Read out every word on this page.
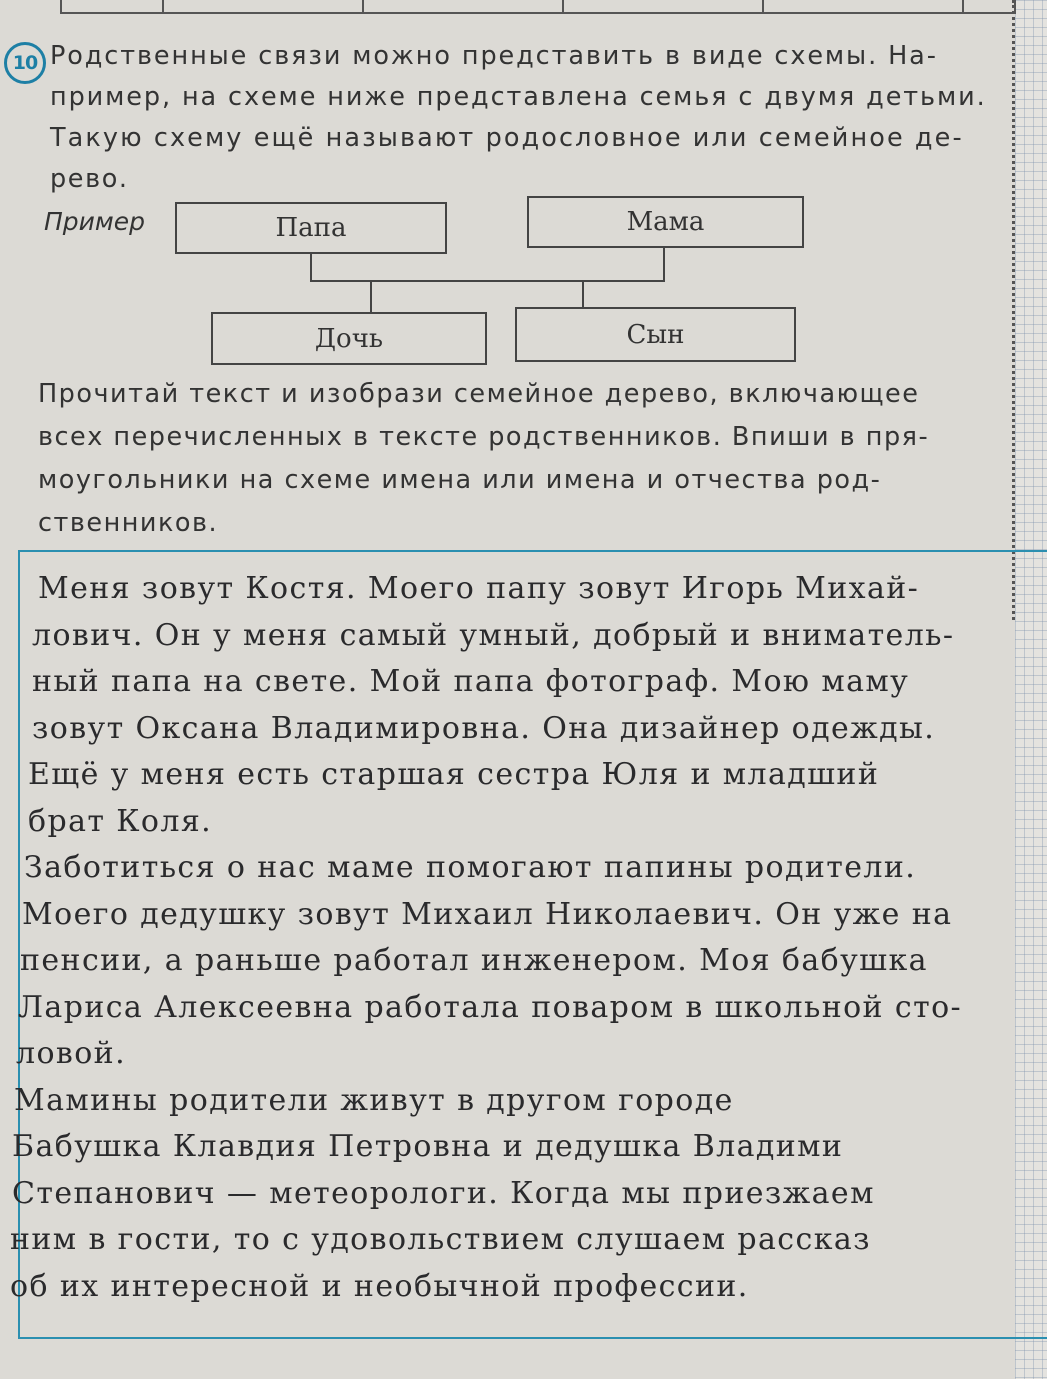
10 Родственные связи можно представить в виде схемы. На-
пример, на схеме ниже представлена семья с двумя детьми.
Такую схему ещё называют родословное или семейное де-
рево.
Пример	Папа	Мама
Дочь	Сын
Прочитай текст и изобрази семейное дерево, включающее
всех перечисленных в тексте родственников. Впиши в пря-
моугольники на схеме имена или имена и отчества род-
ственников.
Меня зовут Костя. Моего папу зовут Игорь Михай-
лович. Он у меня самый умный, добрый и вниматель-
ный папа на свете. Мой папа фотограф. Мою маму
зовут Оксана Владимировна. Она дизайнер одежды.
Ещё у меня есть старшая сестра Юля и младший
брат Коля.
Заботиться о нас маме помогают папины родители.
Моего дедушку зовут Михаил Николаевич. Он уже на
пенсии, а раньше работал инженером. Моя бабушка
Лариса Алексеевна работала поваром в школьной сто-
ловой.
Мамины родители живут в другом городе
Бабушка Клавдия Петровна и дедушка Владими
Степанович — метеорологи. Когда мы приезжаем
ним в гости, то с удовольствием слушаем рассказ
об их интересной и необычной профессии.
